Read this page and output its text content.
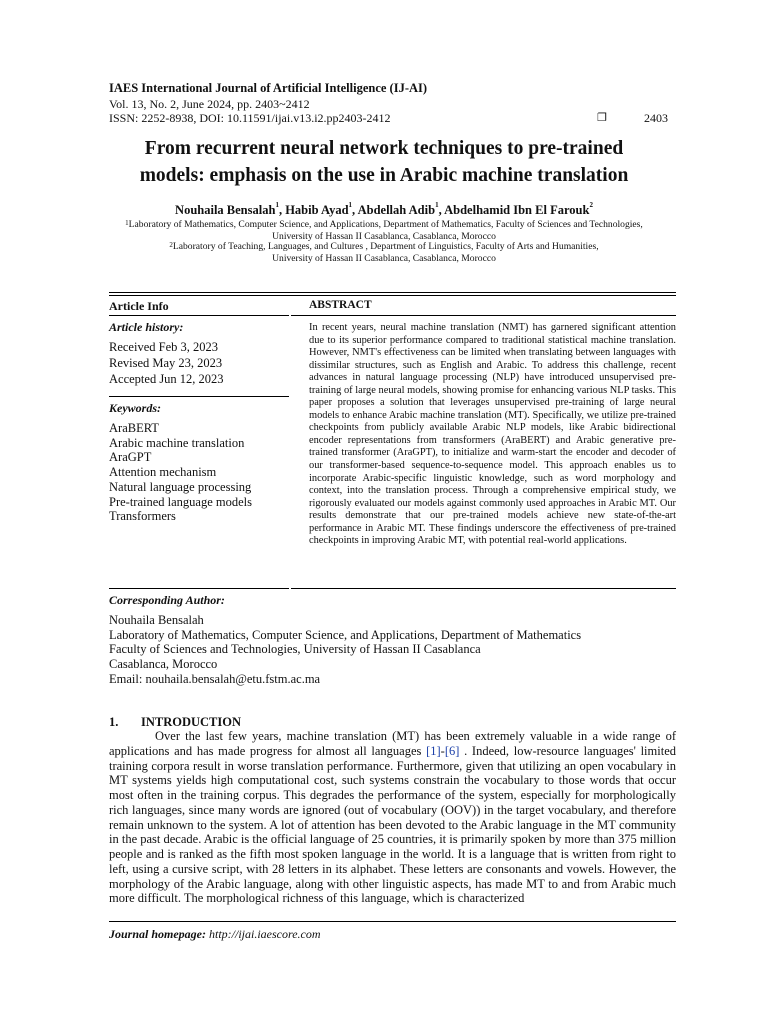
IAES International Journal of Artificial Intelligence (IJ-AI)
Vol. 13, No. 2, June 2024, pp. 2403~2412
ISSN: 2252-8938, DOI: 10.11591/ijai.v13.i2.pp2403-2412	❐	2403
From recurrent neural network techniques to pre-trained
models: emphasis on the use in Arabic machine translation
Nouhaila Bensalah$^1$, Habib Ayad$^1$, Abdellah Adib$^1$, Abdelhamid Ibn El Farouk$^2$
$^1$Laboratory of Mathematics, Computer Science, and Applications, Department of Mathematics, Faculty of Sciences and Technologies,
University of Hassan II Casablanca, Casablanca, Morocco
$^2$Laboratory of Teaching, Languages, and Cultures , Department of Linguistics, Faculty of Arts and Humanities,
University of Hassan II Casablanca, Casablanca, Morocco
Article Info
Article history:
Received Feb 3, 2023
Revised May 23, 2023
Accepted Jun 12, 2023
Keywords:
AraBERT
Arabic machine translation
AraGPT
Attention mechanism
Natural language processing
Pre-trained language models
Transformers
ABSTRACT
In recent years, neural machine translation (NMT) has garnered significant attention due to its superior performance compared to traditional statistical machine translation. However, NMT's effectiveness can be limited when translating between languages with dissimilar structures, such as English and Arabic. To address this challenge, recent advances in natural language processing (NLP) have introduced unsupervised pre-training of large neural models, showing promise for enhancing various NLP tasks. This paper proposes a solution that leverages unsupervised pre-training of large neural models to enhance Arabic machine translation (MT). Specifically, we utilize pre-trained checkpoints from publicly available Arabic NLP models, like Arabic bidirectional encoder representations from transformers (AraBERT) and Arabic generative pre-trained transformer (AraGPT), to initialize and warm-start the encoder and decoder of our transformer-based sequence-to-sequence model. This approach enables us to incorporate Arabic-specific linguistic knowledge, such as word morphology and context, into the translation process. Through a comprehensive empirical study, we rigorously evaluated our models against commonly used approaches in Arabic MT. Our results demonstrate that our pre-trained models achieve new state-of-the-art performance in Arabic MT. These findings underscore the effectiveness of pre-trained checkpoints in improving Arabic MT, with potential real-world applications.
Corresponding Author:
Nouhaila Bensalah
Laboratory of Mathematics, Computer Science, and Applications, Department of Mathematics
Faculty of Sciences and Technologies, University of Hassan II Casablanca
Casablanca, Morocco
Email: nouhaila.bensalah@etu.fstm.ac.ma
1. INTRODUCTION
Over the last few years, machine translation (MT) has been extremely valuable in a wide range of applications and has made progress for almost all languages [1]-[6] . Indeed, low-resource languages' limited training corpora result in worse translation performance. Furthermore, given that utilizing an open vocabulary in MT systems yields high computational cost, such systems constrain the vocabulary to those words that occur most often in the training corpus. This degrades the performance of the system, especially for morphologically rich languages, since many words are ignored (out of vocabulary (OOV)) in the target vocabulary, and therefore remain unknown to the system. A lot of attention has been devoted to the Arabic language in the MT community in the past decade. Arabic is the official language of 25 countries, it is primarily spoken by more than 375 million people and is ranked as the fifth most spoken language in the world. It is a language that is written from right to left, using a cursive script, with 28 letters in its alphabet. These letters are consonants and vowels. However, the morphology of the Arabic language, along with other linguistic aspects, has made MT to and from Arabic much more difficult. The morphological richness of this language, which is characterized
Journal homepage: http://ijai.iaescore.com
